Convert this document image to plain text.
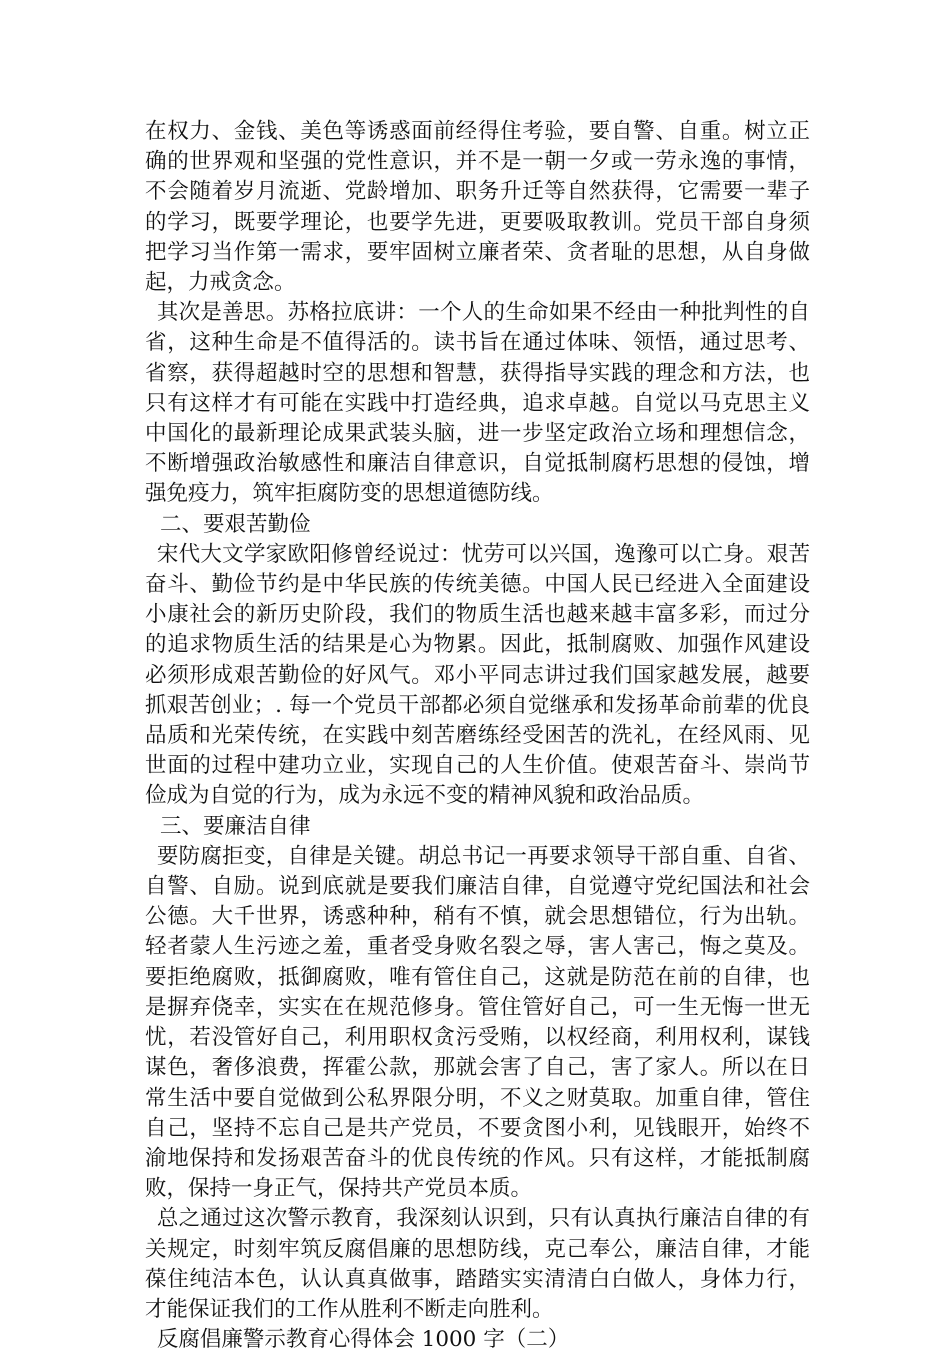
在权力、金钱、美色等诱惑面前经得住考验，要自警、自重。树立正确的世界观和坚强的党性意识，并不是一朝一夕或一劳永逸的事情，不会随着岁月流逝、党龄增加、职务升迁等自然获得，它需要一辈子的学习，既要学理论，也要学先进，更要吸取教训。党员干部自身须把学习当作第一需求，要牢固树立廉者荣、贪者耻的思想，从自身做起，力戒贪念。

其次是善思。苏格拉底讲：一个人的生命如果不经由一种批判性的自省，这种生命是不值得活的。读书旨在通过体味、领悟，通过思考、省察，获得超越时空的思想和智慧，获得指导实践的理念和方法，也只有这样才有可能在实践中打造经典，追求卓越。自觉以马克思主义中国化的最新理论成果武装头脑，进一步坚定政治立场和理想信念，不断增强政治敏感性和廉洁自律意识，自觉抵制腐朽思想的侵蚀，增强免疫力，筑牢拒腐防变的思想道德防线。

二、要艰苦勤俭

宋代大文学家欧阳修曾经说过：忧劳可以兴国，逸豫可以亡身。艰苦奋斗、勤俭节约是中华民族的传统美德。中国人民已经进入全面建设小康社会的新历史阶段，我们的物质生活也越来越丰富多彩，而过分的追求物质生活的结果是心为物累。因此，抵制腐败、加强作风建设必须形成艰苦勤俭的好风气。邓小平同志讲过我们国家越发展，越要抓艰苦创业；. 每一个党员干部都必须自觉继承和发扬革命前辈的优良品质和光荣传统，在实践中刻苦磨练经受困苦的洗礼，在经风雨、见世面的过程中建功立业，实现自己的人生价值。使艰苦奋斗、崇尚节俭成为自觉的行为，成为永远不变的精神风貌和政治品质。

三、要廉洁自律

要防腐拒变，自律是关键。胡总书记一再要求领导干部自重、自省、自警、自励。说到底就是要我们廉洁自律，自觉遵守党纪国法和社会公德。大千世界，诱惑种种，稍有不慎，就会思想错位，行为出轨。轻者蒙人生污迹之羞，重者受身败名裂之辱，害人害己，悔之莫及。要拒绝腐败，抵御腐败，唯有管住自己，这就是防范在前的自律，也是摒弃侥幸，实实在在规范修身。管住管好自己，可一生无悔一世无忧，若没管好自己，利用职权贪污受贿，以权经商，利用权利，谋钱谋色，奢侈浪费，挥霍公款，那就会害了自己，害了家人。所以在日常生活中要自觉做到公私界限分明，不义之财莫取。加重自律，管住自己，坚持不忘自己是共产党员，不要贪图小利，见钱眼开，始终不渝地保持和发扬艰苦奋斗的优良传统的作风。只有这样，才能抵制腐败，保持一身正气，保持共产党员本质。

总之通过这次警示教育，我深刻认识到，只有认真执行廉洁自律的有关规定，时刻牢筑反腐倡廉的思想防线，克己奉公，廉洁自律，才能葆住纯洁本色，认认真真做事，踏踏实实清清白白做人，身体力行，才能保证我们的工作从胜利不断走向胜利。

反腐倡廉警示教育心得体会 1000 字（二）
